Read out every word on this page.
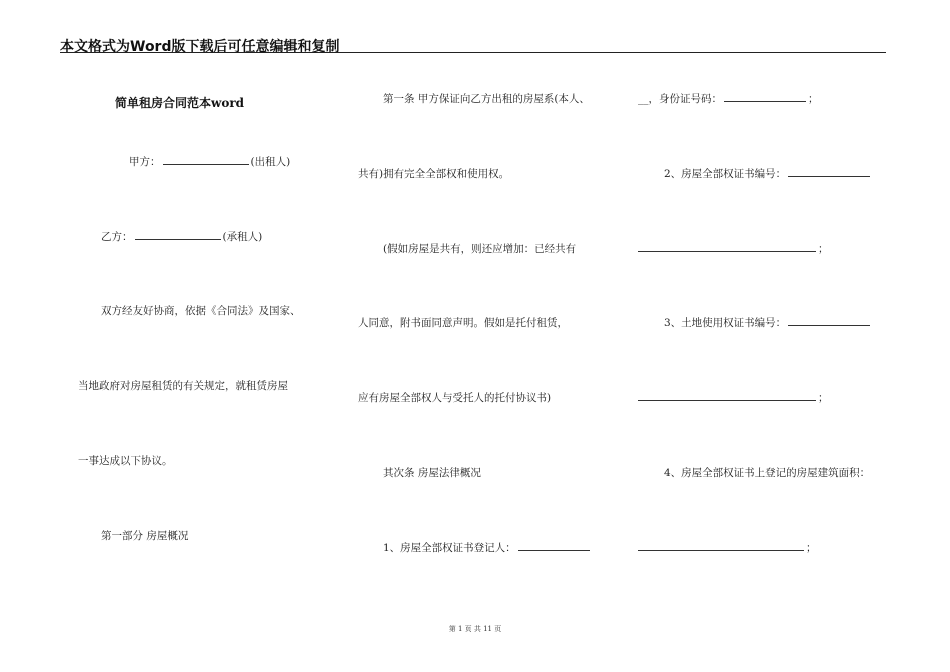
本文格式为Word版下载后可任意编辑和复制
简单租房合同范本word
甲方：	(出租人)
乙方：	(承租人)
双方经友好协商，依据《合同法》及国家、
当地政府对房屋租赁的有关规定，就租赁房屋
一事达成以下协议。
第一部分 房屋概况
第一条 甲方保证向乙方出租的房屋系(本人、
共有)拥有完全全部权和使用权。
(假如房屋是共有，则还应增加：已经共有
人同意，附书面同意声明。假如是托付租赁，
应有房屋全部权人与受托人的托付协议书)
其次条 房屋法律概况
1、房屋全部权证书登记人：
__，身份证号码：	；
2、房屋全部权证书编号：
；
3、土地使用权证书编号：
；
4、房屋全部权证书上登记的房屋建筑面积：
；
第 1 页 共 11 页
